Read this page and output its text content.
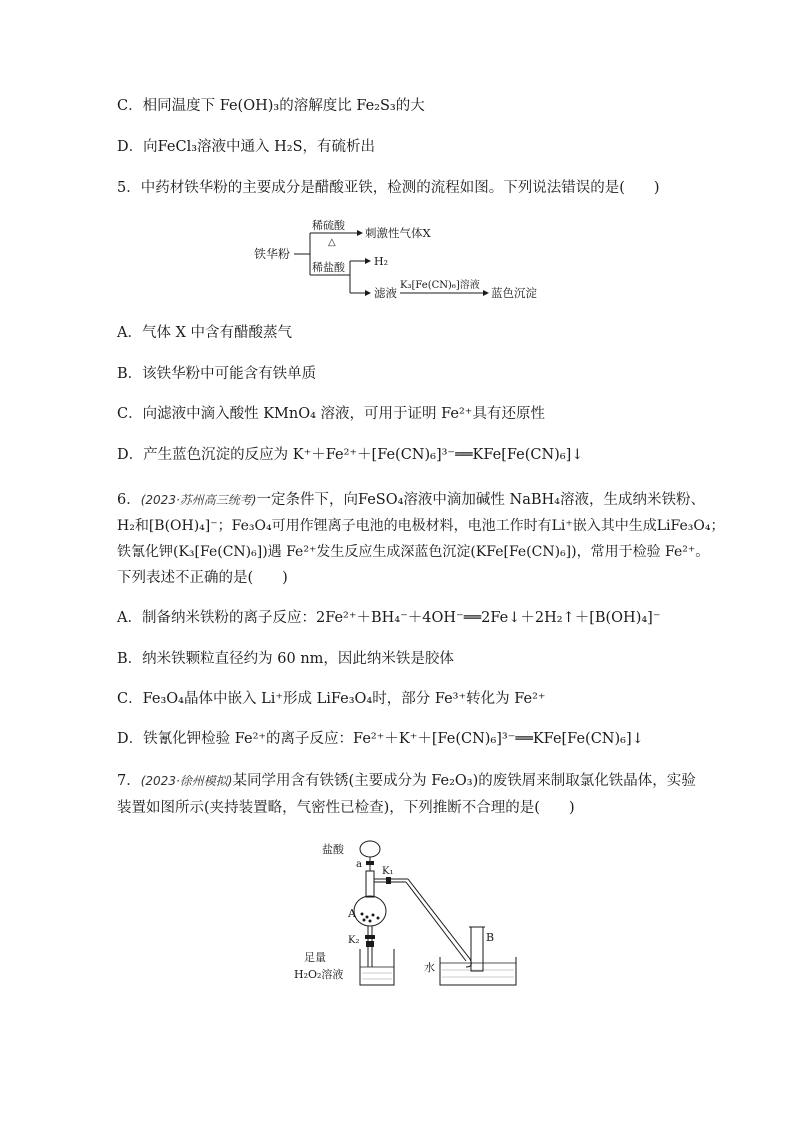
C．相同温度下 Fe(OH)₃的溶解度比 Fe₂S₃的大
D．向FeCl₃溶液中通入 H₂S，有硫析出
5．中药材铁华粉的主要成分是醋酸亚铁，检测的流程如图。下列说法错误的是(　　)
铁华粉
稀硫酸
△
刺激性气体X
稀盐酸	H₂
滤液
K₃[Fe(CN)₆]溶液
蓝色沉淀
A．气体 X 中含有醋酸蒸气
B．该铁华粉中可能含有铁单质
C．向滤液中滴入酸性 KMnO₄ 溶液，可用于证明 Fe²⁺具有还原性
D．产生蓝色沉淀的反应为 K⁺＋Fe²⁺＋[Fe(CN)₆]³⁻══KFe[Fe(CN)₆]↓
6．(2023·苏州高三统考)一定条件下，向FeSO₄溶液中滴加碱性 NaBH₄溶液，生成纳米铁粉、
H₂和[B(OH)₄]⁻；Fe₃O₄可用作锂离子电池的电极材料，电池工作时有Li⁺嵌入其中生成LiFe₃O₄；
铁氰化钾(K₃[Fe(CN)₆])遇 Fe²⁺发生反应生成深蓝色沉淀(KFe[Fe(CN)₆])，常用于检验 Fe²⁺。
下列表述不正确的是(　　)
A．制备纳米铁粉的离子反应：2Fe²⁺＋BH₄⁻＋4OH⁻══2Fe↓＋2H₂↑＋[B(OH)₄]⁻
B．纳米铁颗粒直径约为 60 nm，因此纳米铁是胶体
C．Fe₃O₄晶体中嵌入 Li⁺形成 LiFe₃O₄时，部分 Fe³⁺转化为 Fe²⁺
D．铁氰化钾检验 Fe²⁺的离子反应：Fe²⁺＋K⁺＋[Fe(CN)₆]³⁻══KFe[Fe(CN)₆]↓
7．(2023·徐州模拟)某同学用含有铁锈(主要成分为 Fe₂O₃)的废铁屑来制取氯化铁晶体，实验
装置如图所示(夹持装置略，气密性已检查)，下列推断不合理的是(　　)
盐酸
a
K₁
A
K₂
足量
H₂O₂溶液
水
B
